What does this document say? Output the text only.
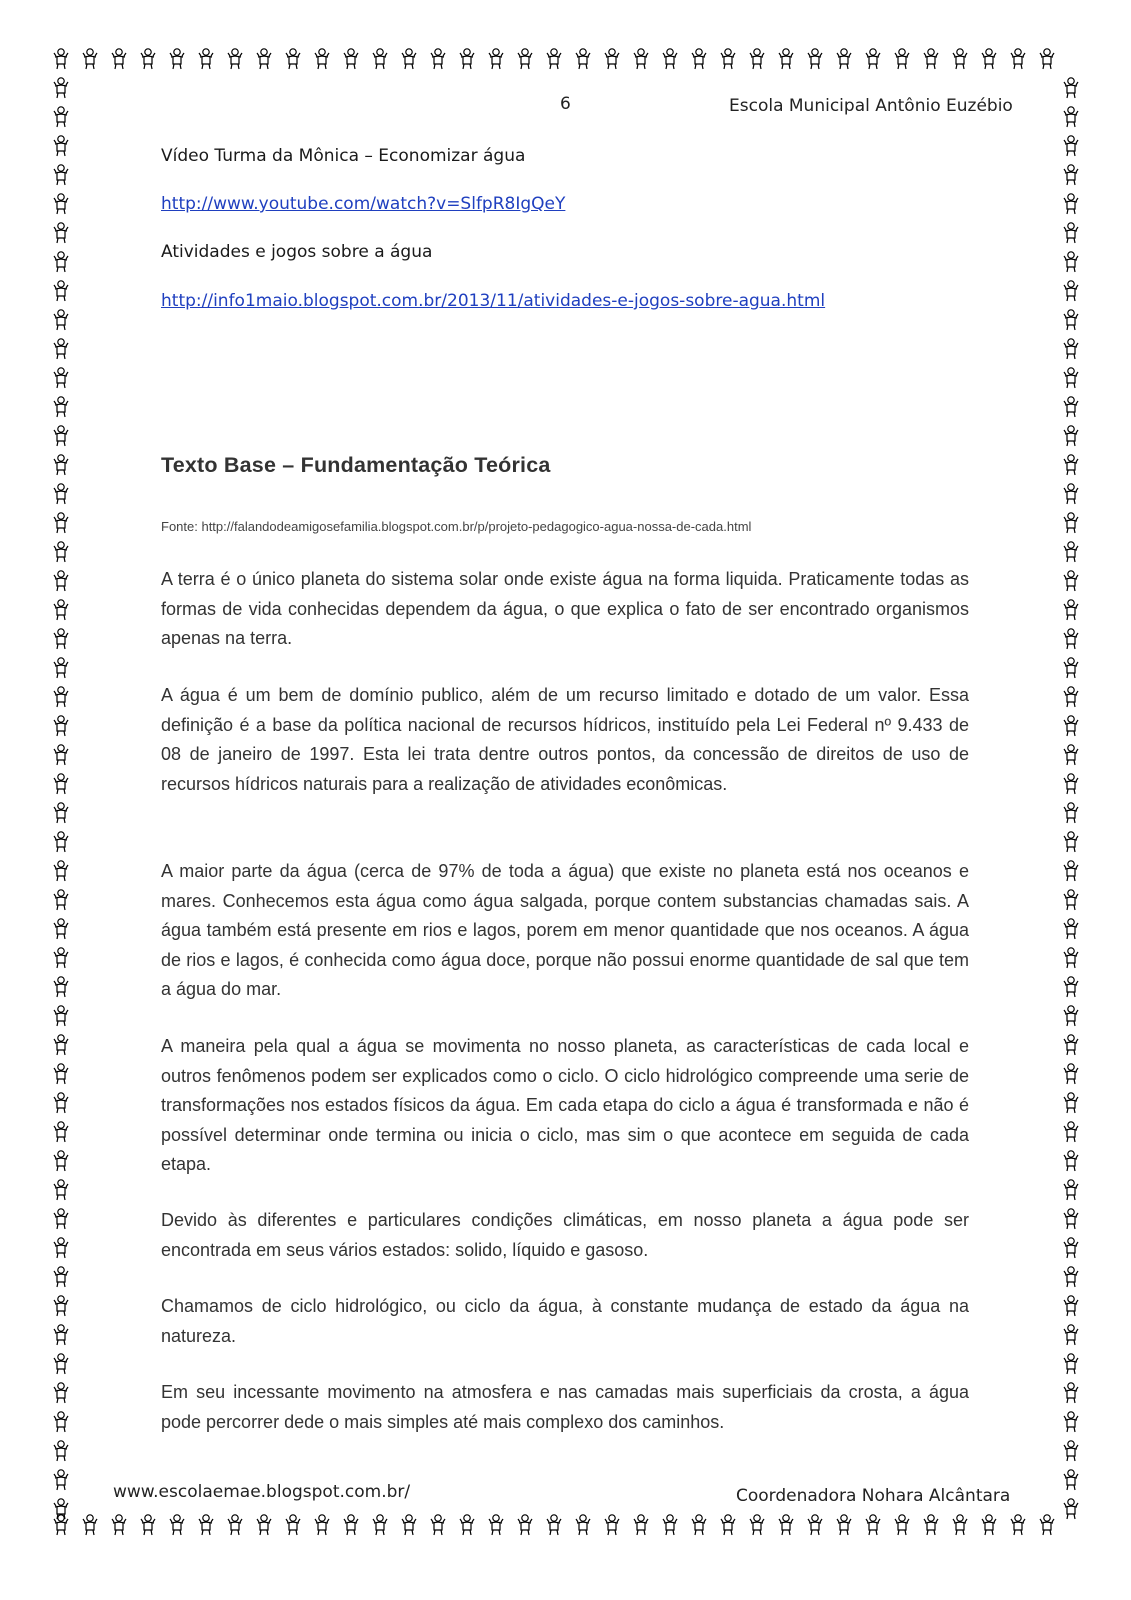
6	Escola Municipal Antônio Euzébio
Vídeo Turma da Mônica – Economizar água
http://www.youtube.com/watch?v=SlfpR8IgQeY
Atividades e jogos sobre a água
http://info1maio.blogspot.com.br/2013/11/atividades-e-jogos-sobre-agua.html
Texto Base – Fundamentação Teórica
Fonte: http://falandodeamigosefamilia.blogspot.com.br/p/projeto-pedagogico-agua-nossa-de-cada.html

A terra é o único planeta do sistema solar onde existe água na forma liquida. Praticamente todas as formas de vida conhecidas dependem da água, o que explica o fato de ser encontrado organismos apenas na terra.

A água é um bem de domínio publico, além de um recurso limitado e dotado de um valor. Essa definição é a base da política nacional de recursos hídricos, instituído pela Lei Federal nº 9.433 de 08 de janeiro de 1997. Esta lei trata dentre outros pontos, da concessão de direitos de uso de recursos hídricos naturais para a realização de atividades econômicas.

A maior parte da água (cerca de 97% de toda a água) que existe no planeta está nos oceanos e mares. Conhecemos esta água como água salgada, porque contem substancias chamadas sais. A água também está presente em rios e lagos, porem em menor quantidade que nos oceanos. A água de rios e lagos, é conhecida como água doce, porque não possui enorme quantidade de sal que tem a água do mar.

A maneira pela qual a água se movimenta no nosso planeta, as características de cada local e outros fenômenos podem ser explicados como o ciclo. O ciclo hidrológico compreende uma serie de transformações nos estados físicos da água. Em cada etapa do ciclo a água é transformada e não é possível determinar onde termina ou inicia o ciclo, mas sim o que acontece em seguida de cada etapa.

Devido às diferentes e particulares condições climáticas, em nosso planeta a água pode ser encontrada em seus vários estados: solido, líquido e gasoso.

Chamamos de ciclo hidrológico, ou ciclo da água, à constante mudança de estado da água na natureza.

Em seu incessante movimento na atmosfera e nas camadas mais superficiais da crosta, a água pode percorrer dede o mais simples até mais complexo dos caminhos.

www.escolaemae.blogspot.com.br/	Coordenadora Nohara Alcântara
